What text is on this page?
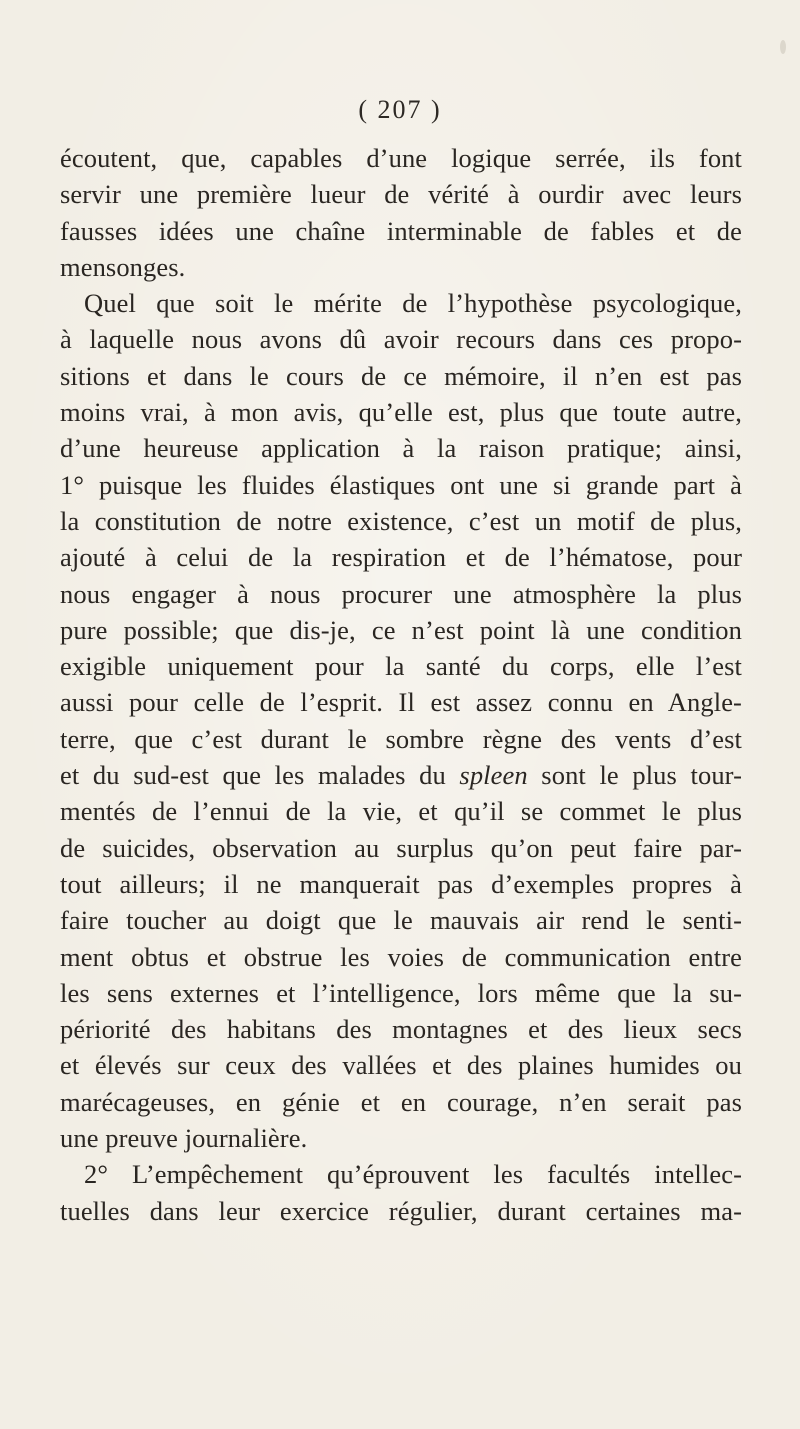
( 207 )
écoutent, que, capables d’une logique serrée, ils font
servir une première lueur de vérité à ourdir avec leurs
fausses idées une chaîne interminable de fables et de
mensonges.
Quel que soit le mérite de l’hypothèse psycologique,
à laquelle nous avons dû avoir recours dans ces propo-
sitions et dans le cours de ce mémoire, il n’en est pas
moins vrai, à mon avis, qu’elle est, plus que toute autre,
d’une heureuse application à la raison pratique; ainsi,
1° puisque les fluides élastiques ont une si grande part à
la constitution de notre existence, c’est un motif de plus,
ajouté à celui de la respiration et de l’hématose, pour
nous engager à nous procurer une atmosphère la plus
pure possible; que dis-je, ce n’est point là une condition
exigible uniquement pour la santé du corps, elle l’est
aussi pour celle de l’esprit. Il est assez connu en Angle-
terre, que c’est durant le sombre règne des vents d’est
et du sud-est que les malades du spleen sont le plus tour-
mentés de l’ennui de la vie, et qu’il se commet le plus
de suicides, observation au surplus qu’on peut faire par-
tout ailleurs; il ne manquerait pas d’exemples propres à
faire toucher au doigt que le mauvais air rend le senti-
ment obtus et obstrue les voies de communication entre
les sens externes et l’intelligence, lors même que la su-
périorité des habitans des montagnes et des lieux secs
et élevés sur ceux des vallées et des plaines humides ou
marécageuses, en génie et en courage, n’en serait pas
une preuve journalière.
2° L’empêchement qu’éprouvent les facultés intellec-
tuelles dans leur exercice régulier, durant certaines ma-
